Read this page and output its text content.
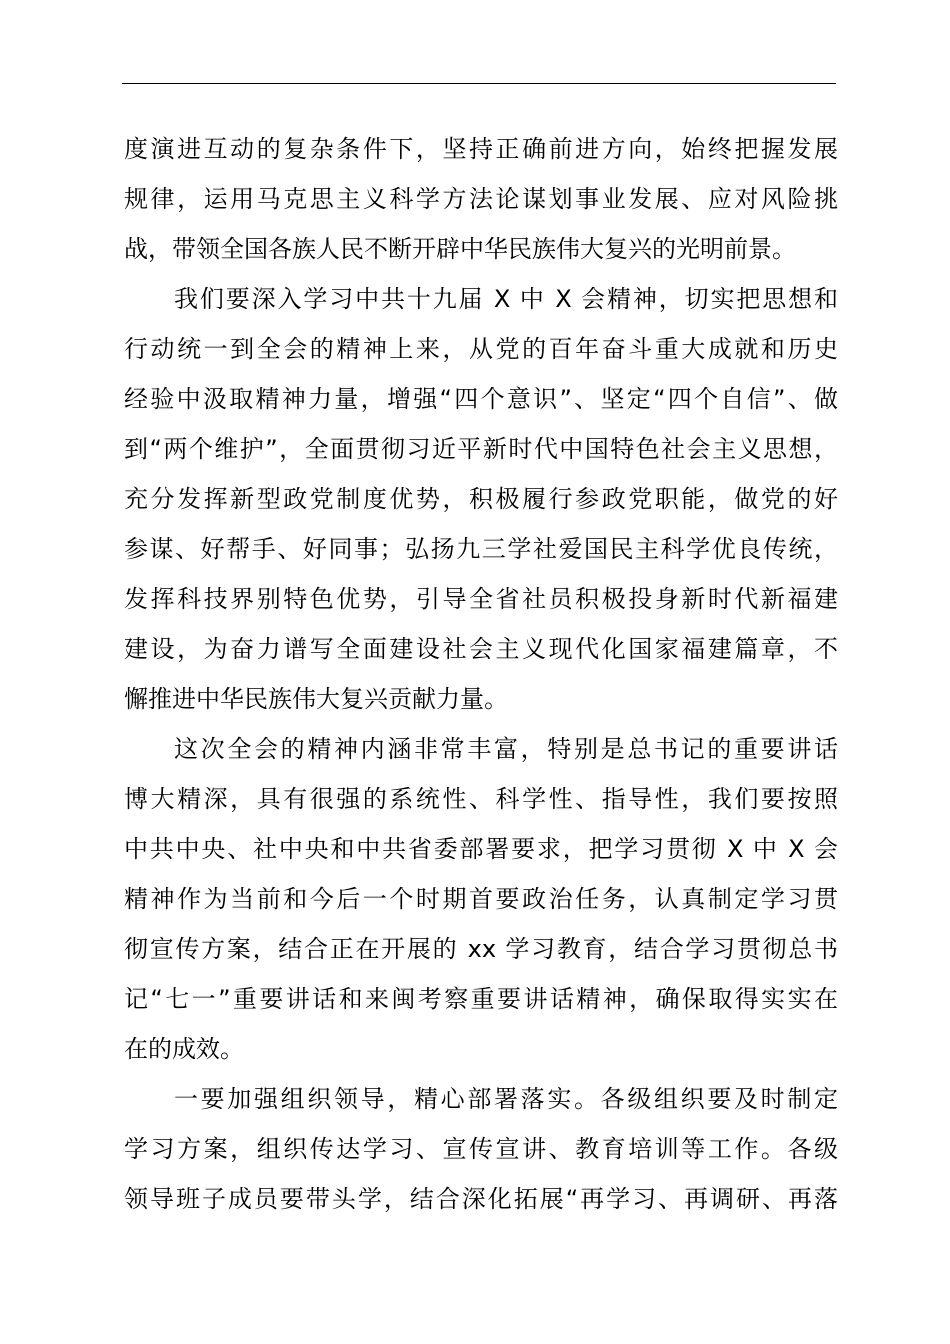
度演进互动的复杂条件下，坚持正确前进方向，始终把握发展
规律，运用马克思主义科学方法论谋划事业发展、应对风险挑
战，带领全国各族人民不断开辟中华民族伟大复兴的光明前景。
我们要深入学习中共十九届 X 中 X 会精神，切实把思想和
行动统一到全会的精神上来，从党的百年奋斗重大成就和历史
经验中汲取精神力量，增强“四个意识”、坚定“四个自信”、做
到“两个维护”，全面贯彻习近平新时代中国特色社会主义思想，
充分发挥新型政党制度优势，积极履行参政党职能，做党的好
参谋、好帮手、好同事；弘扬九三学社爱国民主科学优良传统，
发挥科技界别特色优势，引导全省社员积极投身新时代新福建
建设，为奋力谱写全面建设社会主义现代化国家福建篇章，不
懈推进中华民族伟大复兴贡献力量。
这次全会的精神内涵非常丰富，特别是总书记的重要讲话
博大精深，具有很强的系统性、科学性、指导性，我们要按照
中共中央、社中央和中共省委部署要求，把学习贯彻 X 中 X 会
精神作为当前和今后一个时期首要政治任务，认真制定学习贯
彻宣传方案，结合正在开展的 xx 学习教育，结合学习贯彻总书
记“七一”重要讲话和来闽考察重要讲话精神，确保取得实实在
在的成效。
一要加强组织领导，精心部署落实。各级组织要及时制定
学习方案，组织传达学习、宣传宣讲、教育培训等工作。各级
领导班子成员要带头学，结合深化拓展“再学习、再调研、再落
